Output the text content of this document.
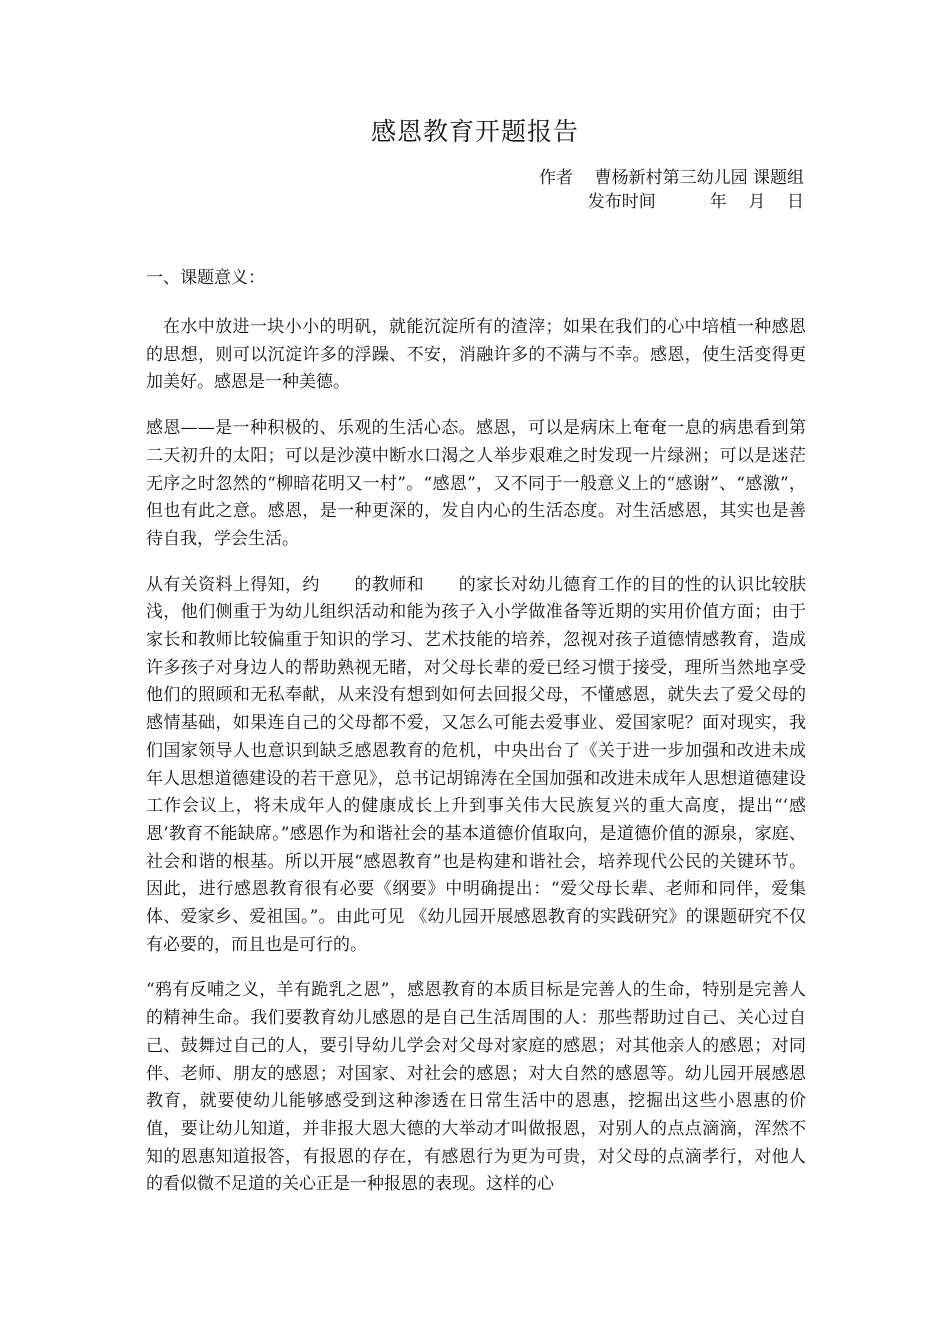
感恩教育开题报告
作者    曹杨新村第三幼儿园 课题组
发布时间          年    月    日
一、课题意义：

在水中放进一块小小的明矾，就能沉淀所有的渣滓；如果在我们的心中培植一种感恩的思想，则可以沉淀许多的浮躁、不安，消融许多的不满与不幸。感恩，使生活变得更加美好。感恩是一种美德。

感恩——是一种积极的、乐观的生活心态。感恩，可以是病床上奄奄一息的病患看到第二天初升的太阳；可以是沙漠中断水口渴之人举步艰难之时发现一片绿洲；可以是迷茫无序之时忽然的“柳暗花明又一村”。“感恩”，又不同于一般意义上的“感谢”、“感激”，但也有此之意。感恩，是一种更深的，发自内心的生活态度。对生活感恩，其实也是善待自我，学会生活。

从有关资料上得知，约　　的教师和　　的家长对幼儿德育工作的目的性的认识比较肤浅，他们侧重于为幼儿组织活动和能为孩子入小学做准备等近期的实用价值方面；由于家长和教师比较偏重于知识的学习、艺术技能的培养，忽视对孩子道德情感教育，造成许多孩子对身边人的帮助熟视无睹，对父母长辈的爱已经习惯于接受，理所当然地享受他们的照顾和无私奉献，从来没有想到如何去回报父母，不懂感恩，就失去了爱父母的感情基础，如果连自己的父母都不爱，又怎么可能去爱事业、爱国家呢？面对现实，我们国家领导人也意识到缺乏感恩教育的危机，中央出台了《关于进一步加强和改进未成年人思想道德建设的若干意见》，总书记胡锦涛在全国加强和改进未成年人思想道德建设工作会议上，将未成年人的健康成长上升到事关伟大民族复兴的重大高度，提出“‘感恩’教育不能缺席。”感恩作为和谐社会的基本道德价值取向，是道德价值的源泉，家庭、社会和谐的根基。所以开展“感恩教育”也是构建和谐社会，培养现代公民的关键环节。因此，进行感恩教育很有必要《纲要》中明确提出：“爱父母长辈、老师和同伴，爱集体、爱家乡、爱祖国。”。由此可见 《幼儿园开展感恩教育的实践研究》的课题研究不仅有必要的，而且也是可行的。

“鸦有反哺之义，羊有跪乳之恩”，感恩教育的本质目标是完善人的生命，特别是完善人的精神生命。我们要教育幼儿感恩的是自己生活周围的人：那些帮助过自己、关心过自己、鼓舞过自己的人，要引导幼儿学会对父母对家庭的感恩；对其他亲人的感恩；对同伴、老师、朋友的感恩；对国家、对社会的感恩；对大自然的感恩等。幼儿园开展感恩教育，就要使幼儿能够感受到这种渗透在日常生活中的恩惠，挖掘出这些小恩惠的价值，要让幼儿知道，并非报大恩大德的大举动才叫做报恩，对别人的点点滴滴，浑然不知的恩惠知道报答，有报恩的存在，有感恩行为更为可贵，对父母的点滴孝行，对他人的看似微不足道的关心正是一种报恩的表现。这样的心
